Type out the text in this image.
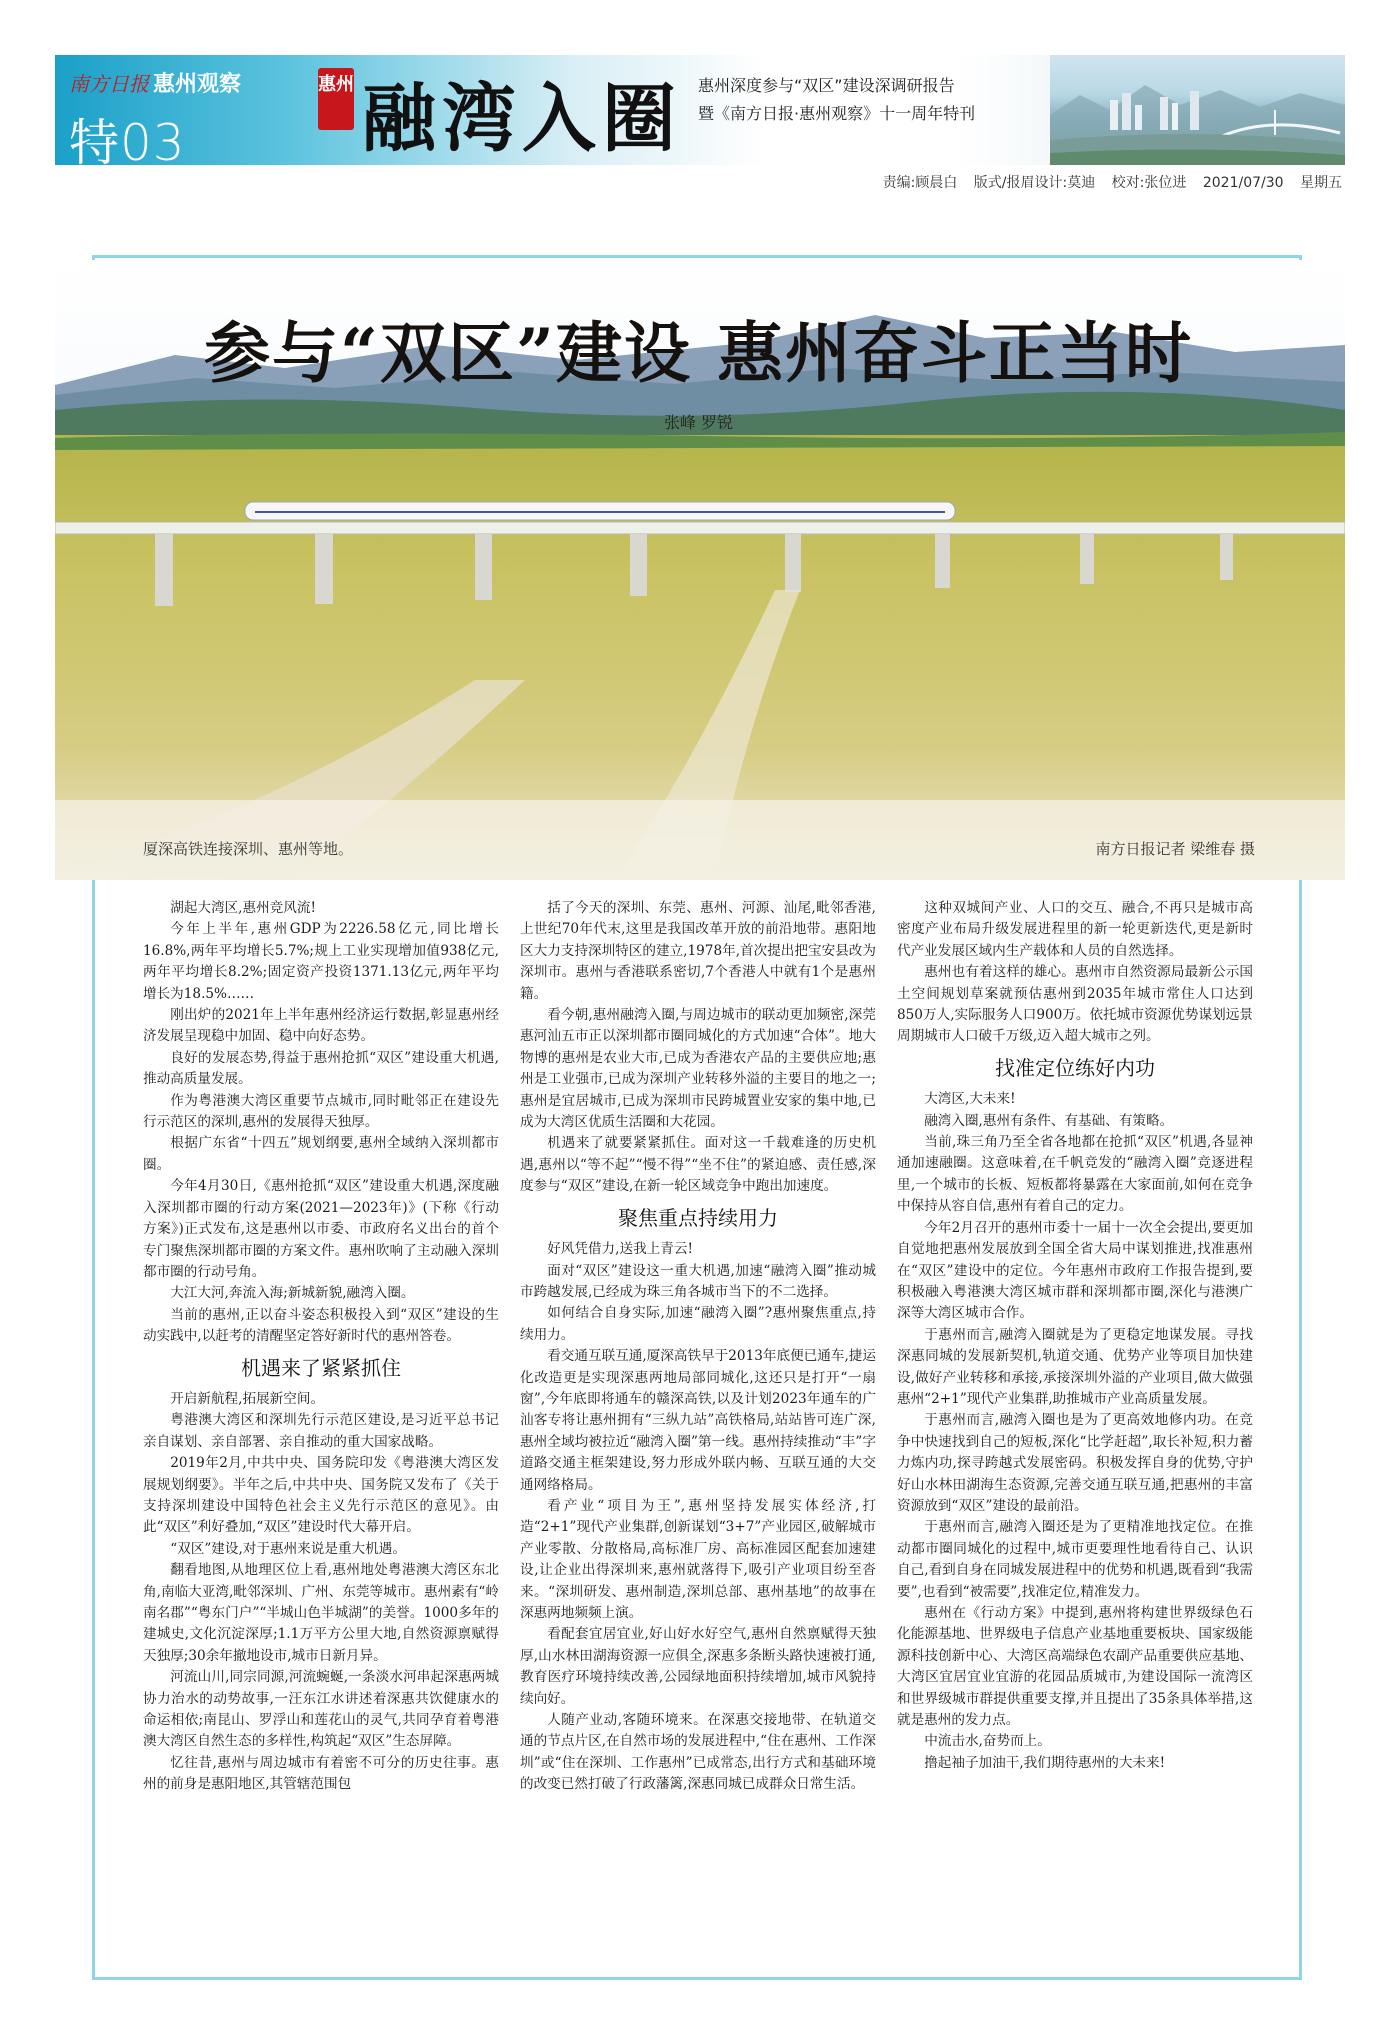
南方日报 惠州观察
特03
惠州 融湾入圈 惠州深度参与“双区”建设深调研报告
暨《南方日报·惠州观察》十一周年特刊
责编:顾晨白 版式/报眉设计:莫迪 校对:张位进 2021/07/30 星期五
参与“双区”建设 惠州奋斗正当时
张峰 罗锐
厦深高铁连接深圳、惠州等地。	南方日报记者 梁维春 摄

湖起大湾区,惠州竞风流!

今年上半年,惠州GDP为2226.58亿元,同比增长16.8%,两年平均增长5.7%;规上工业实现增加值938亿元,两年平均增长8.2%;固定资产投资1371.13亿元,两年平均增长为18.5%……

刚出炉的2021年上半年惠州经济运行数据,彰显惠州经济发展呈现稳中加固、稳中向好态势。

良好的发展态势,得益于惠州抢抓“双区”建设重大机遇,推动高质量发展。

作为粤港澳大湾区重要节点城市,同时毗邻正在建设先行示范区的深圳,惠州的发展得天独厚。

根据广东省“十四五”规划纲要,惠州全域纳入深圳都市圈。

今年4月30日,《惠州抢抓“双区”建设重大机遇,深度融入深圳都市圈的行动方案(2021—2023年)》(下称《行动方案》)正式发布,这是惠州以市委、市政府名义出台的首个专门聚焦深圳都市圈的方案文件。惠州吹响了主动融入深圳都市圈的行动号角。

大江大河,奔流入海;新城新貌,融湾入圈。

当前的惠州,正以奋斗姿态积极投入到“双区”建设的生动实践中,以赶考的清醒坚定答好新时代的惠州答卷。

机遇来了紧紧抓住

开启新航程,拓展新空间。

粤港澳大湾区和深圳先行示范区建设,是习近平总书记亲自谋划、亲自部署、亲自推动的重大国家战略。

2019年2月,中共中央、国务院印发《粤港澳大湾区发展规划纲要》。半年之后,中共中央、国务院又发布了《关于支持深圳建设中国特色社会主义先行示范区的意见》。由此“双区”利好叠加,“双区”建设时代大幕开启。

“双区”建设,对于惠州来说是重大机遇。

翻看地图,从地理区位上看,惠州地处粤港澳大湾区东北角,南临大亚湾,毗邻深圳、广州、东莞等城市。惠州素有“岭南名郡”“粤东门户”“半城山色半城湖”的美誉。1000多年的建城史,文化沉淀深厚;1.1万平方公里大地,自然资源禀赋得天独厚;30余年撤地设市,城市日新月异。

河流山川,同宗同源,河流蜿蜒,一条淡水河串起深惠两城协力治水的动势故事,一汪东江水讲述着深惠共饮健康水的命运相依;南昆山、罗浮山和莲花山的灵气,共同孕育着粤港澳大湾区自然生态的多样性,构筑起“双区”生态屏障。

忆往昔,惠州与周边城市有着密不可分的历史往事。惠州的前身是惠阳地区,其管辖范围包

括了今天的深圳、东莞、惠州、河源、汕尾,毗邻香港,上世纪70年代末,这里是我国改革开放的前沿地带。惠阳地区大力支持深圳特区的建立,1978年,首次提出把宝安县改为深圳市。惠州与香港联系密切,7个香港人中就有1个是惠州籍。

看今朝,惠州融湾入圈,与周边城市的联动更加频密,深莞惠河汕五市正以深圳都市圈同城化的方式加速“合体”。地大物博的惠州是农业大市,已成为香港农产品的主要供应地;惠州是工业强市,已成为深圳产业转移外溢的主要目的地之一;惠州是宜居城市,已成为深圳市民跨城置业安家的集中地,已成为大湾区优质生活圈和大花园。

机遇来了就要紧紧抓住。面对这一千载难逢的历史机遇,惠州以“等不起”“慢不得”“坐不住”的紧迫感、责任感,深度参与“双区”建设,在新一轮区域竞争中跑出加速度。

聚焦重点持续用力

好风凭借力,送我上青云!

面对“双区”建设这一重大机遇,加速“融湾入圈”推动城市跨越发展,已经成为珠三角各城市当下的不二选择。

如何结合自身实际,加速“融湾入圈”?惠州聚焦重点,持续用力。

看交通互联互通,厦深高铁早于2013年底便已通车,捷运化改造更是实现深惠两地局部同城化,这还只是打开“一扇窗”,今年底即将通车的赣深高铁,以及计划2023年通车的广汕客专将让惠州拥有“三纵九站”高铁格局,站站皆可连广深,惠州全域均被拉近“融湾入圈”第一线。惠州持续推动“丰”字道路交通主框架建设,努力形成外联内畅、互联互通的大交通网络格局。

看产业“项目为王”,惠州坚持发展实体经济,打造“2+1”现代产业集群,创新谋划“3+7”产业园区,破解城市产业零散、分散格局,高标准厂房、高标准园区配套加速建设,让企业出得深圳来,惠州就落得下,吸引产业项目纷至沓来。“深圳研发、惠州制造,深圳总部、惠州基地”的故事在深惠两地频频上演。

看配套宜居宜业,好山好水好空气,惠州自然禀赋得天独厚,山水林田湖海资源一应俱全,深惠多条断头路快速被打通,教育医疗环境持续改善,公园绿地面积持续增加,城市风貌持续向好。

人随产业动,客随环境来。在深惠交接地带、在轨道交通的节点片区,在自然市场的发展进程中,“住在惠州、工作深圳”或“住在深圳、工作惠州”已成常态,出行方式和基础环境的改变已然打破了行政藩篱,深惠同城已成群众日常生活。

这种双城间产业、人口的交互、融合,不再只是城市高密度产业布局升级发展进程里的新一轮更新迭代,更是新时代产业发展区域内生产载体和人员的自然选择。

惠州也有着这样的雄心。惠州市自然资源局最新公示国土空间规划草案就预估惠州到2035年城市常住人口达到850万人,实际服务人口900万。依托城市资源优势谋划远景周期城市人口破千万级,迈入超大城市之列。

找准定位练好内功

大湾区,大未来!

融湾入圈,惠州有条件、有基础、有策略。

当前,珠三角乃至全省各地都在抢抓“双区”机遇,各显神通加速融圈。这意味着,在千帆竞发的“融湾入圈”竞逐进程里,一个城市的长板、短板都将暴露在大家面前,如何在竞争中保持从容自信,惠州有着自己的定力。

今年2月召开的惠州市委十一届十一次全会提出,要更加自觉地把惠州发展放到全国全省大局中谋划推进,找准惠州在“双区”建设中的定位。今年惠州市政府工作报告提到,要积极融入粤港澳大湾区城市群和深圳都市圈,深化与港澳广深等大湾区城市合作。

于惠州而言,融湾入圈就是为了更稳定地谋发展。寻找深惠同城的发展新契机,轨道交通、优势产业等项目加快建设,做好产业转移和承接,承接深圳外溢的产业项目,做大做强惠州“2+1”现代产业集群,助推城市产业高质量发展。

于惠州而言,融湾入圈也是为了更高效地修内功。在竞争中快速找到自己的短板,深化“比学赶超”,取长补短,积力蓄力炼内功,探寻跨越式发展密码。积极发挥自身的优势,守护好山水林田湖海生态资源,完善交通互联互通,把惠州的丰富资源放到“双区”建设的最前沿。

于惠州而言,融湾入圈还是为了更精准地找定位。在推动都市圈同城化的过程中,城市更要理性地看待自己、认识自己,看到自身在同城发展进程中的优势和机遇,既看到“我需要”,也看到“被需要”,找准定位,精准发力。

惠州在《行动方案》中提到,惠州将构建世界级绿色石化能源基地、世界级电子信息产业基地重要板块、国家级能源科技创新中心、大湾区高端绿色农副产品重要供应基地、大湾区宜居宜业宜游的花园品质城市,为建设国际一流湾区和世界级城市群提供重要支撑,并且提出了35条具体举措,这就是惠州的发力点。

中流击水,奋势而上。

撸起袖子加油干,我们期待惠州的大未来!
